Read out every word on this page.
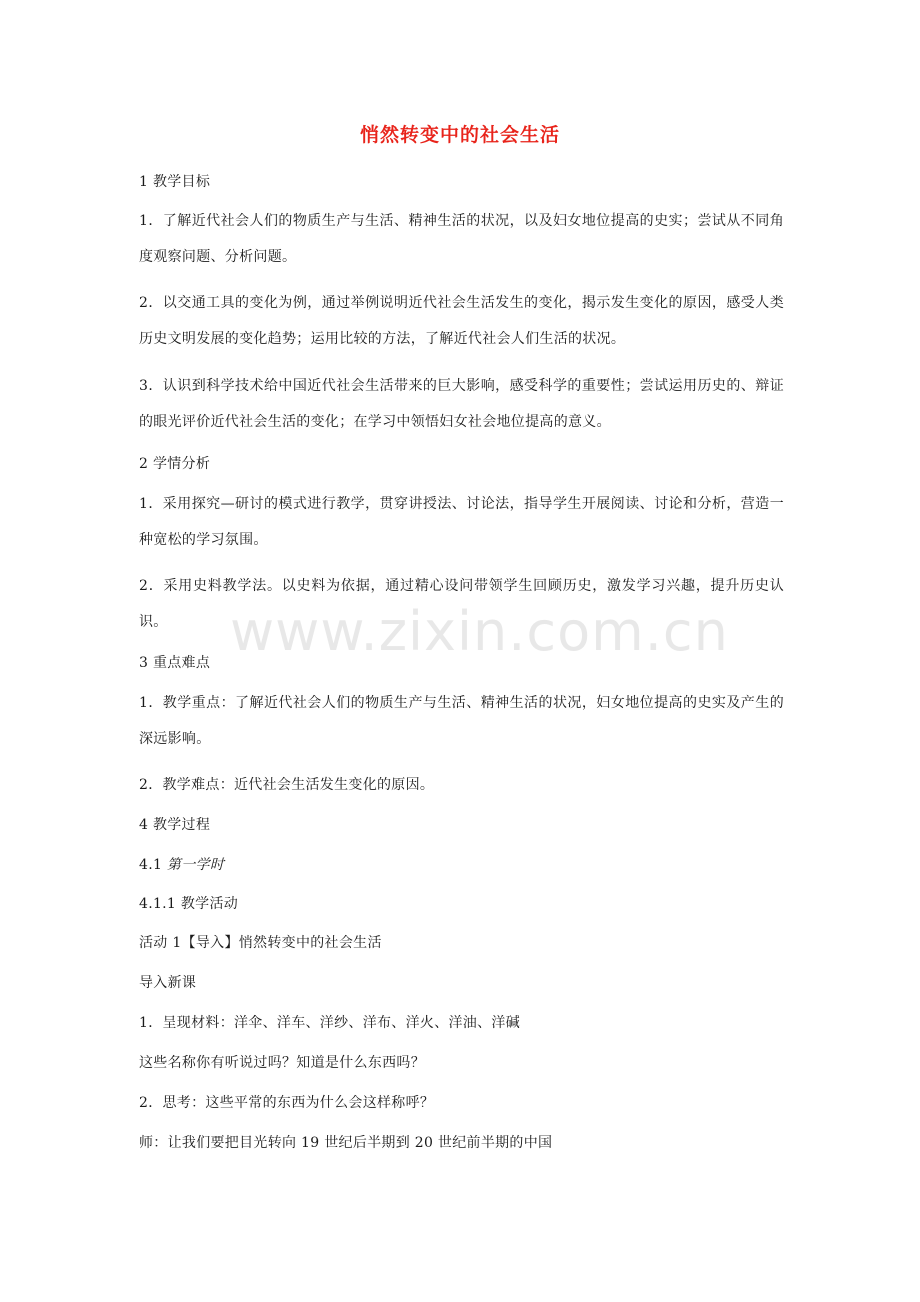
悄然转变中的社会生活
1 教学目标
1．了解近代社会人们的物质生产与生活、精神生活的状况，以及妇女地位提高的史实；尝试从不同角度观察问题、分析问题。
2．以交通工具的变化为例，通过举例说明近代社会生活发生的变化，揭示发生变化的原因，感受人类历史文明发展的变化趋势；运用比较的方法，了解近代社会人们生活的状况。
3．认识到科学技术给中国近代社会生活带来的巨大影响，感受科学的重要性；尝试运用历史的、辩证的眼光评价近代社会生活的变化；在学习中领悟妇女社会地位提高的意义。
2 学情分析
1．采用探究—研讨的模式进行教学，贯穿讲授法、讨论法，指导学生开展阅读、讨论和分析，营造一种宽松的学习氛围。
2．采用史料教学法。以史料为依据，通过精心设问带领学生回顾历史，激发学习兴趣，提升历史认识。
3 重点难点
1．教学重点：了解近代社会人们的物质生产与生活、精神生活的状况，妇女地位提高的史实及产生的深远影响。
2．教学难点：近代社会生活发生变化的原因。
4 教学过程
4.1 第一学时
4.1.1 教学活动
活动 1【导入】悄然转变中的社会生活
导入新课
1．呈现材料：洋伞、洋车、洋纱、洋布、洋火、洋油、洋碱
这些名称你有听说过吗？知道是什么东西吗？
2．思考：这些平常的东西为什么会这样称呼？
师：让我们要把目光转向 19 世纪后半期到 20 世纪前半期的中国
www.zixin.com.cn
